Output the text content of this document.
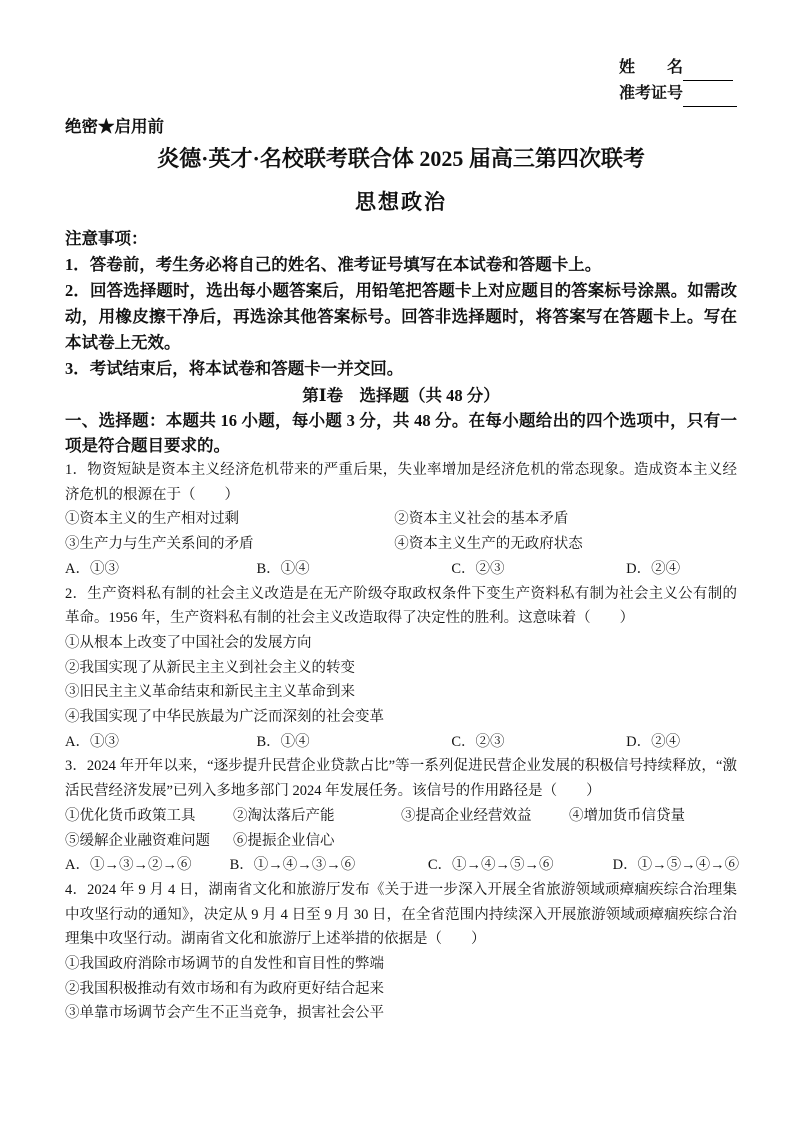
姓　　名
准考证号
绝密★启用前
炎德·英才·名校联考联合体 2025 届高三第四次联考
思想政治

注意事项：

1．答卷前，考生务必将自己的姓名、准考证号填写在本试卷和答题卡上。

2．回答选择题时，选出每小题答案后，用铅笔把答题卡上对应题目的答案标号涂黑。如需改动，用橡皮擦干净后，再选涂其他答案标号。回答非选择题时，将答案写在答题卡上。写在本试卷上无效。

3．考试结束后，将本试卷和答题卡一并交回。

第Ⅰ卷　选择题（共 48 分）

一、选择题：本题共 16 小题，每小题 3 分，共 48 分。在每小题给出的四个选项中，只有一项是符合题目要求的。

1．物资短缺是资本主义经济危机带来的严重后果，失业率增加是经济危机的常态现象。造成资本主义经济危机的根源在于（　　）

①资本主义的生产相对过剩	②资本主义社会的基本矛盾
③生产力与生产关系间的矛盾	④资本主义生产的无政府状态
A．①③	B．①④	C．②③	D．②④

2．生产资料私有制的社会主义改造是在无产阶级夺取政权条件下变生产资料私有制为社会主义公有制的革命。1956 年，生产资料私有制的社会主义改造取得了决定性的胜利。这意味着（　　）

①从根本上改变了中国社会的发展方向
②我国实现了从新民主主义到社会主义的转变
③旧民主主义革命结束和新民主主义革命到来
④我国实现了中华民族最为广泛而深刻的社会变革
A．①③	B．①④	C．②③	D．②④

3．2024 年开年以来，“逐步提升民营企业贷款占比”等一系列促进民营企业发展的积极信号持续释放，“激活民营经济发展”已列入多地多部门 2024 年发展任务。该信号的作用路径是（　　）

①优化货币政策工具	②淘汰落后产能	③提高企业经营效益	④增加货币信贷量
⑤缓解企业融资难问题	⑥提振企业信心
A．①→③→②→⑥	B．①→④→③→⑥	C．①→④→⑤→⑥	D．①→⑤→④→⑥

4．2024 年 9 月 4 日，湖南省文化和旅游厅发布《关于进一步深入开展全省旅游领域顽瘴痼疾综合治理集中攻坚行动的通知》，决定从 9 月 4 日至 9 月 30 日，在全省范围内持续深入开展旅游领域顽瘴痼疾综合治理集中攻坚行动。湖南省文化和旅游厅上述举措的依据是（　　）

①我国政府消除市场调节的自发性和盲目性的弊端
②我国积极推动有效市场和有为政府更好结合起来
③单靠市场调节会产生不正当竞争，损害社会公平
